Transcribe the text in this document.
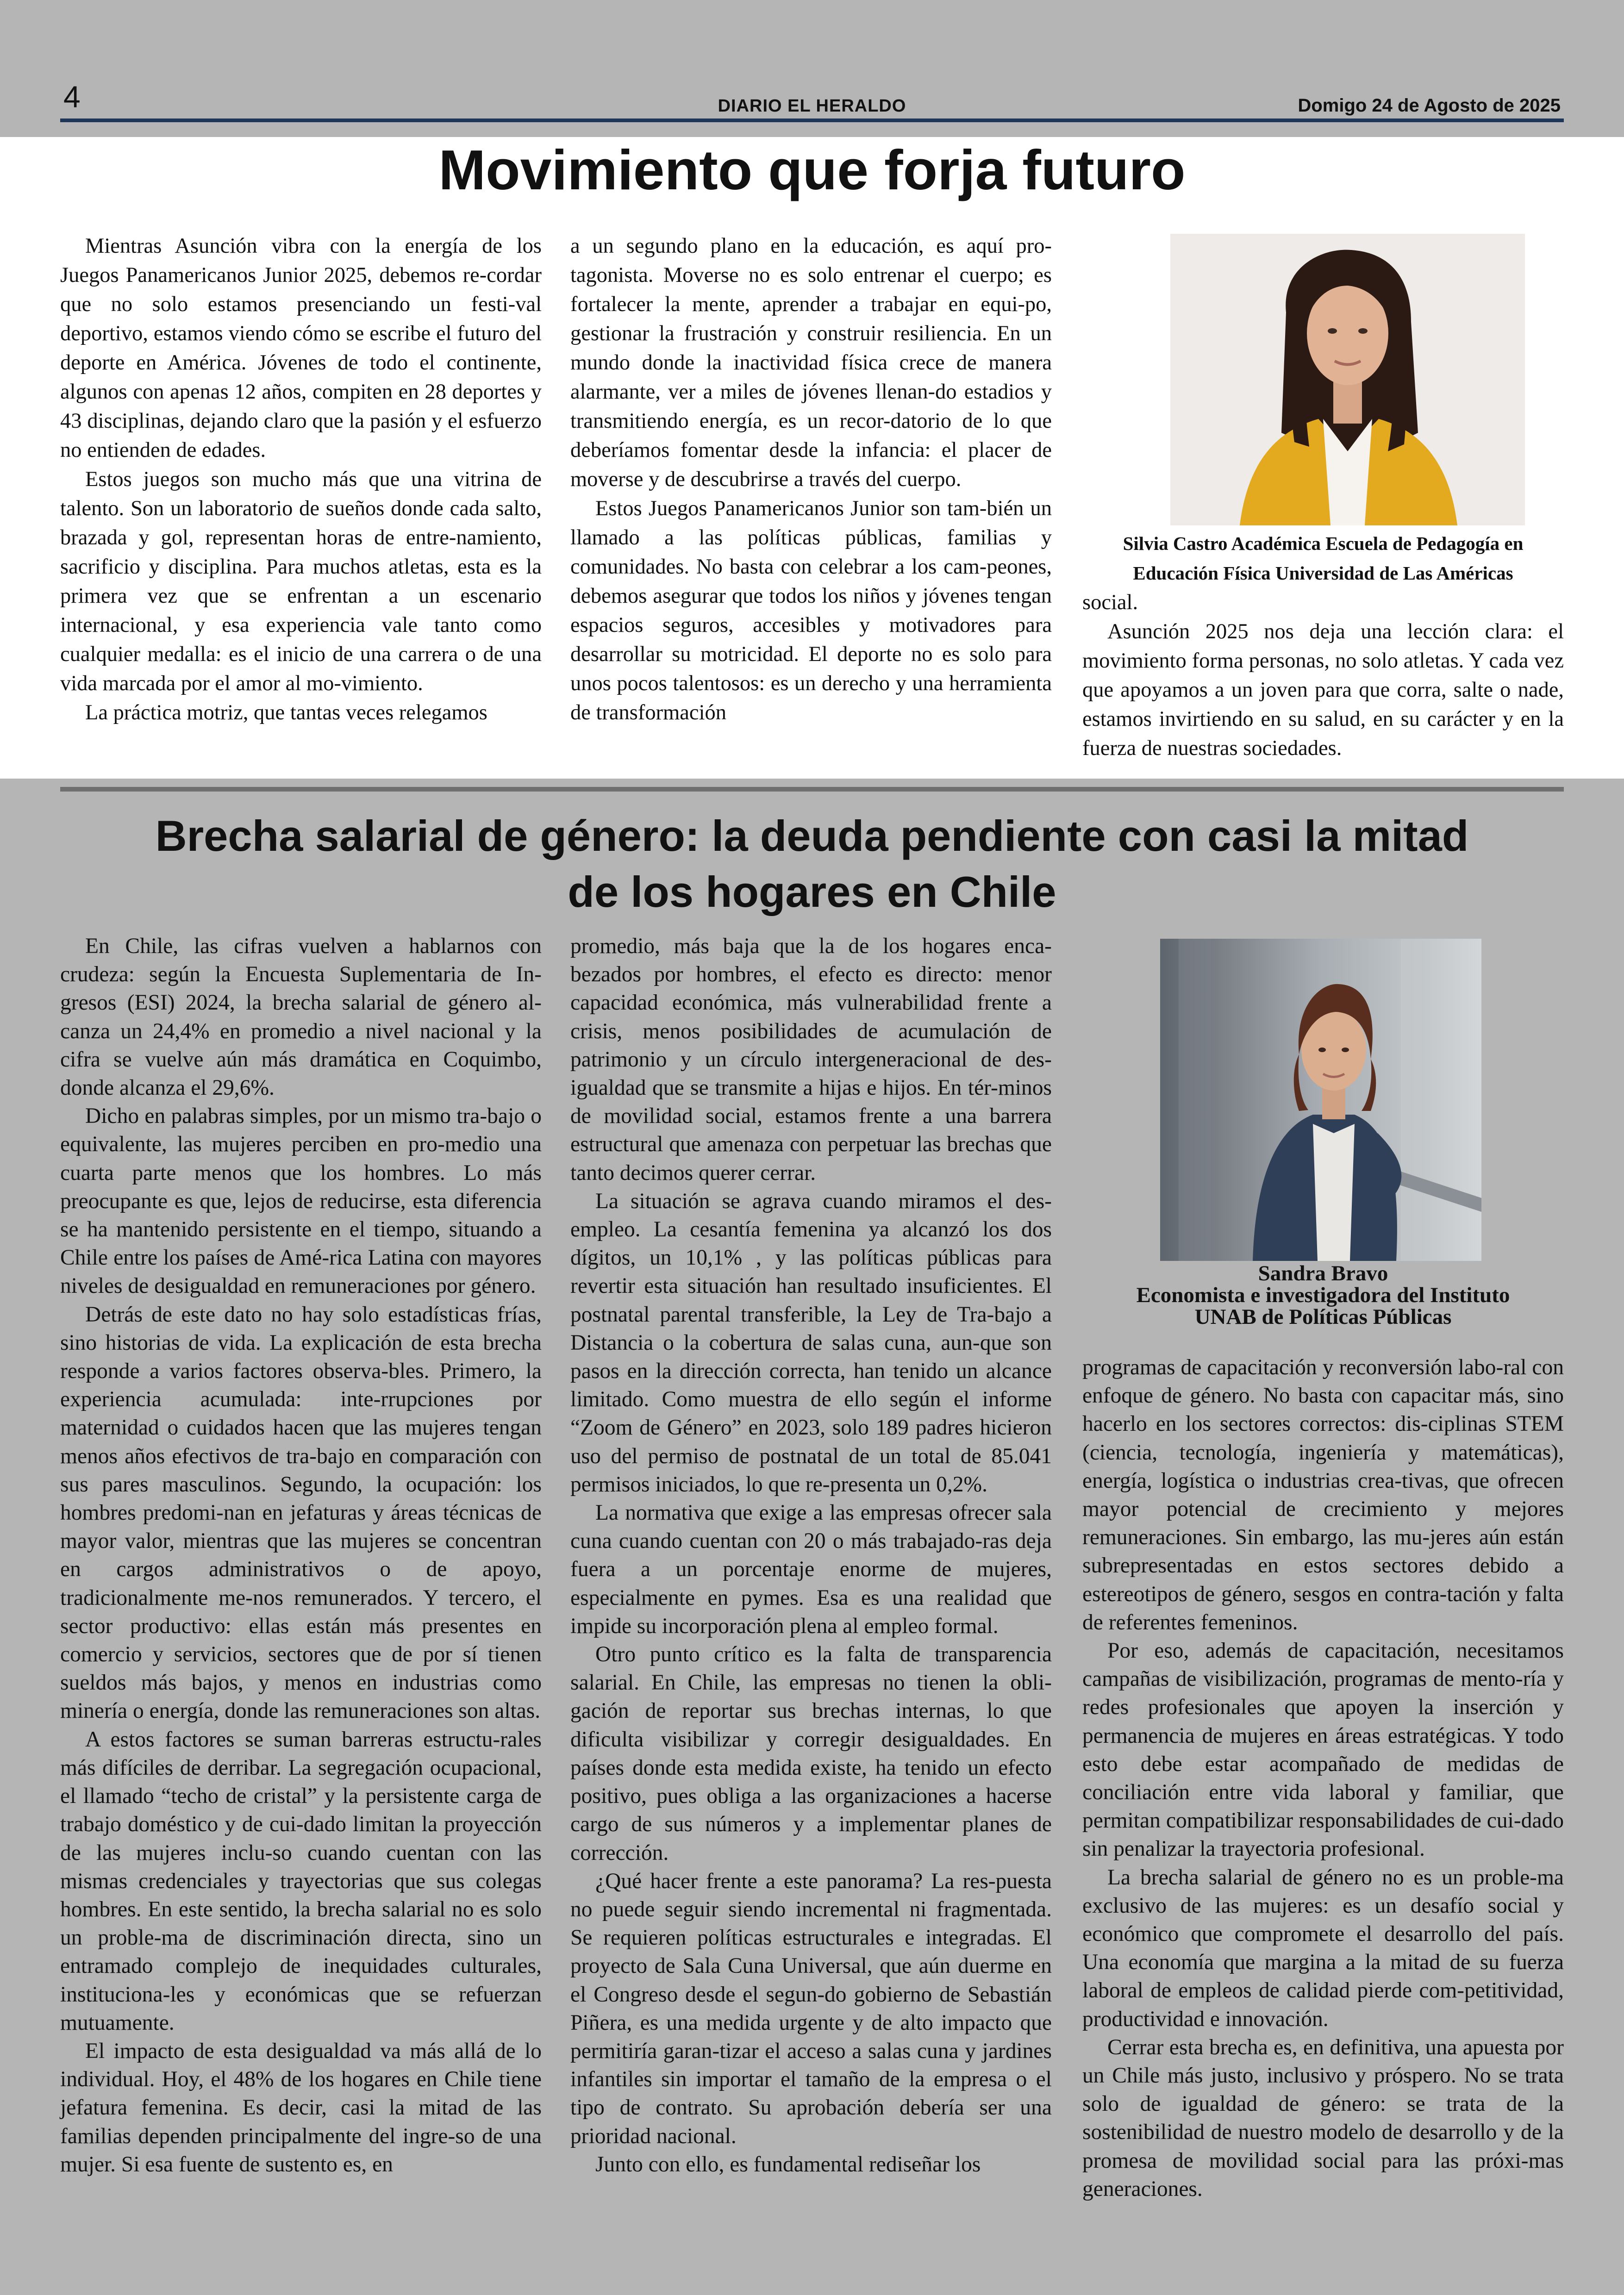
4	DIARIO EL HERALDO	Domigo 24 de Agosto de 2025
Movimiento que forja futuro

Mientras Asunción vibra con la energía de los Juegos Panamericanos Junior 2025, debemos re-cordar que no solo estamos presenciando un festi-val deportivo, estamos viendo cómo se escribe el futuro del deporte en América. Jóvenes de todo el continente, algunos con apenas 12 años, compiten en 28 deportes y 43 disciplinas, dejando claro que la pasión y el esfuerzo no entienden de edades.

Estos juegos son mucho más que una vitrina de talento. Son un laboratorio de sueños donde cada salto, brazada y gol, representan horas de entre-namiento, sacrificio y disciplina. Para muchos atletas, esta es la primera vez que se enfrentan a un escenario internacional, y esa experiencia vale tanto como cualquier medalla: es el inicio de una carrera o de una vida marcada por el amor al mo-vimiento.

La práctica motriz, que tantas veces relegamos

a un segundo plano en la educación, es aquí pro-tagonista. Moverse no es solo entrenar el cuerpo; es fortalecer la mente, aprender a trabajar en equi-po, gestionar la frustración y construir resiliencia. En un mundo donde la inactividad física crece de manera alarmante, ver a miles de jóvenes llenan-do estadios y transmitiendo energía, es un recor-datorio de lo que deberíamos fomentar desde la infancia: el placer de moverse y de descubrirse a través del cuerpo.

Estos Juegos Panamericanos Junior son tam-bién un llamado a las políticas públicas, familias y comunidades. No basta con celebrar a los cam-peones, debemos asegurar que todos los niños y jóvenes tengan espacios seguros, accesibles y motivadores para desarrollar su motricidad. El deporte no es solo para unos pocos talentosos: es un derecho y una herramienta de transformación

Silvia Castro Académica Escuela de Pedagogía en Educación Física Universidad de Las Américas

social.

Asunción 2025 nos deja una lección clara: el movimiento forma personas, no solo atletas. Y cada vez que apoyamos a un joven para que corra, salte o nade, estamos invirtiendo en su salud, en su carácter y en la fuerza de nuestras sociedades.

Brecha salarial de género: la deuda pendiente con casi la mitad de los hogares en Chile

En Chile, las cifras vuelven a hablarnos con crudeza: según la Encuesta Suplementaria de In-gresos (ESI) 2024, la brecha salarial de género al-canza un 24,4% en promedio a nivel nacional y la cifra se vuelve aún más dramática en Coquimbo, donde alcanza el 29,6%.

Dicho en palabras simples, por un mismo tra-bajo o equivalente, las mujeres perciben en pro-medio una cuarta parte menos que los hombres. Lo más preocupante es que, lejos de reducirse, esta diferencia se ha mantenido persistente en el tiempo, situando a Chile entre los países de Amé-rica Latina con mayores niveles de desigualdad en remuneraciones por género.

Detrás de este dato no hay solo estadísticas frías, sino historias de vida. La explicación de esta brecha responde a varios factores observa-bles. Primero, la experiencia acumulada: inte-rrupciones por maternidad o cuidados hacen que las mujeres tengan menos años efectivos de tra-bajo en comparación con sus pares masculinos. Segundo, la ocupación: los hombres predomi-nan en jefaturas y áreas técnicas de mayor valor, mientras que las mujeres se concentran en cargos administrativos o de apoyo, tradicionalmente me-nos remunerados. Y tercero, el sector productivo: ellas están más presentes en comercio y servicios, sectores que de por sí tienen sueldos más bajos, y menos en industrias como minería o energía, donde las remuneraciones son altas.

A estos factores se suman barreras estructu-rales más difíciles de derribar. La segregación ocupacional, el llamado “techo de cristal” y la persistente carga de trabajo doméstico y de cui-dado limitan la proyección de las mujeres inclu-so cuando cuentan con las mismas credenciales y trayectorias que sus colegas hombres. En este sentido, la brecha salarial no es solo un proble-ma de discriminación directa, sino un entramado complejo de inequidades culturales, instituciona-les y económicas que se refuerzan mutuamente.

El impacto de esta desigualdad va más allá de lo individual. Hoy, el 48% de los hogares en Chile tiene jefatura femenina. Es decir, casi la mitad de las familias dependen principalmente del ingre-so de una mujer. Si esa fuente de sustento es, en

promedio, más baja que la de los hogares enca-bezados por hombres, el efecto es directo: menor capacidad económica, más vulnerabilidad frente a crisis, menos posibilidades de acumulación de patrimonio y un círculo intergeneracional de des-igualdad que se transmite a hijas e hijos. En tér-minos de movilidad social, estamos frente a una barrera estructural que amenaza con perpetuar las brechas que tanto decimos querer cerrar.

La situación se agrava cuando miramos el des-empleo. La cesantía femenina ya alcanzó los dos dígitos, un 10,1% , y las políticas públicas para revertir esta situación han resultado insuficientes. El postnatal parental transferible, la Ley de Tra-bajo a Distancia o la cobertura de salas cuna, aun-que son pasos en la dirección correcta, han tenido un alcance limitado. Como muestra de ello según el informe “Zoom de Género” en 2023, solo 189 padres hicieron uso del permiso de postnatal de un total de 85.041 permisos iniciados, lo que re-presenta un 0,2%.

La normativa que exige a las empresas ofrecer sala cuna cuando cuentan con 20 o más trabajado-ras deja fuera a un porcentaje enorme de mujeres, especialmente en pymes. Esa es una realidad que impide su incorporación plena al empleo formal.

Otro punto crítico es la falta de transparencia salarial. En Chile, las empresas no tienen la obli-gación de reportar sus brechas internas, lo que dificulta visibilizar y corregir desigualdades. En países donde esta medida existe, ha tenido un efecto positivo, pues obliga a las organizaciones a hacerse cargo de sus números y a implementar planes de corrección.

¿Qué hacer frente a este panorama? La res-puesta no puede seguir siendo incremental ni fragmentada. Se requieren políticas estructurales e integradas. El proyecto de Sala Cuna Universal, que aún duerme en el Congreso desde el segun-do gobierno de Sebastián Piñera, es una medida urgente y de alto impacto que permitiría garan-tizar el acceso a salas cuna y jardines infantiles sin importar el tamaño de la empresa o el tipo de contrato. Su aprobación debería ser una prioridad nacional.

Junto con ello, es fundamental rediseñar los

Sandra Bravo
Economista e investigadora del Instituto
UNAB de Políticas Públicas

programas de capacitación y reconversión labo-ral con enfoque de género. No basta con capacitar más, sino hacerlo en los sectores correctos: dis-ciplinas STEM (ciencia, tecnología, ingeniería y matemáticas), energía, logística o industrias crea-tivas, que ofrecen mayor potencial de crecimiento y mejores remuneraciones. Sin embargo, las mu-jeres aún están subrepresentadas en estos sectores debido a estereotipos de género, sesgos en contra-tación y falta de referentes femeninos.

Por eso, además de capacitación, necesitamos campañas de visibilización, programas de mento-ría y redes profesionales que apoyen la inserción y permanencia de mujeres en áreas estratégicas. Y todo esto debe estar acompañado de medidas de conciliación entre vida laboral y familiar, que permitan compatibilizar responsabilidades de cui-dado sin penalizar la trayectoria profesional.

La brecha salarial de género no es un proble-ma exclusivo de las mujeres: es un desafío social y económico que compromete el desarrollo del país. Una economía que margina a la mitad de su fuerza laboral de empleos de calidad pierde com-petitividad, productividad e innovación.

Cerrar esta brecha es, en definitiva, una apuesta por un Chile más justo, inclusivo y próspero. No se trata solo de igualdad de género: se trata de la sostenibilidad de nuestro modelo de desarrollo y de la promesa de movilidad social para las próxi-mas generaciones.
